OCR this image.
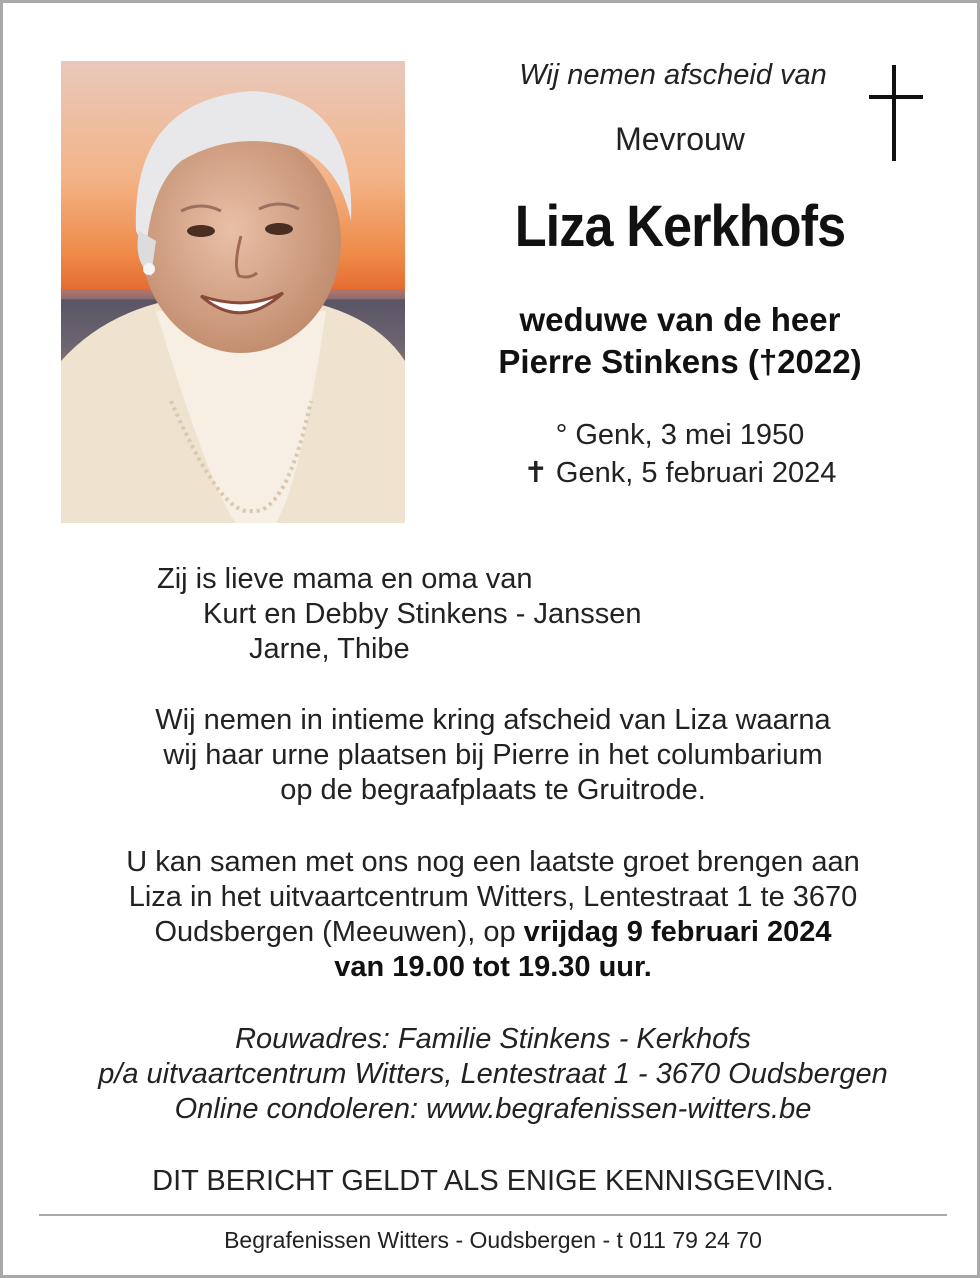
Wij nemen afscheid van
Mevrouw
Liza Kerkhofs
weduwe van de heer
Pierre Stinkens (†2022)
° Genk, 3 mei 1950
✝ Genk, 5 februari 2024
Zij is lieve mama en oma van
Kurt en Debby Stinkens - Janssen
Jarne, Thibe
Wij nemen in intieme kring afscheid van Liza waarna
wij haar urne plaatsen bij Pierre in het columbarium
op de begraafplaats te Gruitrode.
U kan samen met ons nog een laatste groet brengen aan
Liza in het uitvaartcentrum Witters, Lentestraat 1 te 3670
Oudsbergen (Meeuwen), op vrijdag 9 februari 2024
van 19.00 tot 19.30 uur.
Rouwadres: Familie Stinkens - Kerkhofs
p/a uitvaartcentrum Witters, Lentestraat 1 - 3670 Oudsbergen
Online condoleren: www.begrafenissen-witters.be
DIT BERICHT GELDT ALS ENIGE KENNISGEVING.
Begrafenissen Witters - Oudsbergen - t 011 79 24 70
